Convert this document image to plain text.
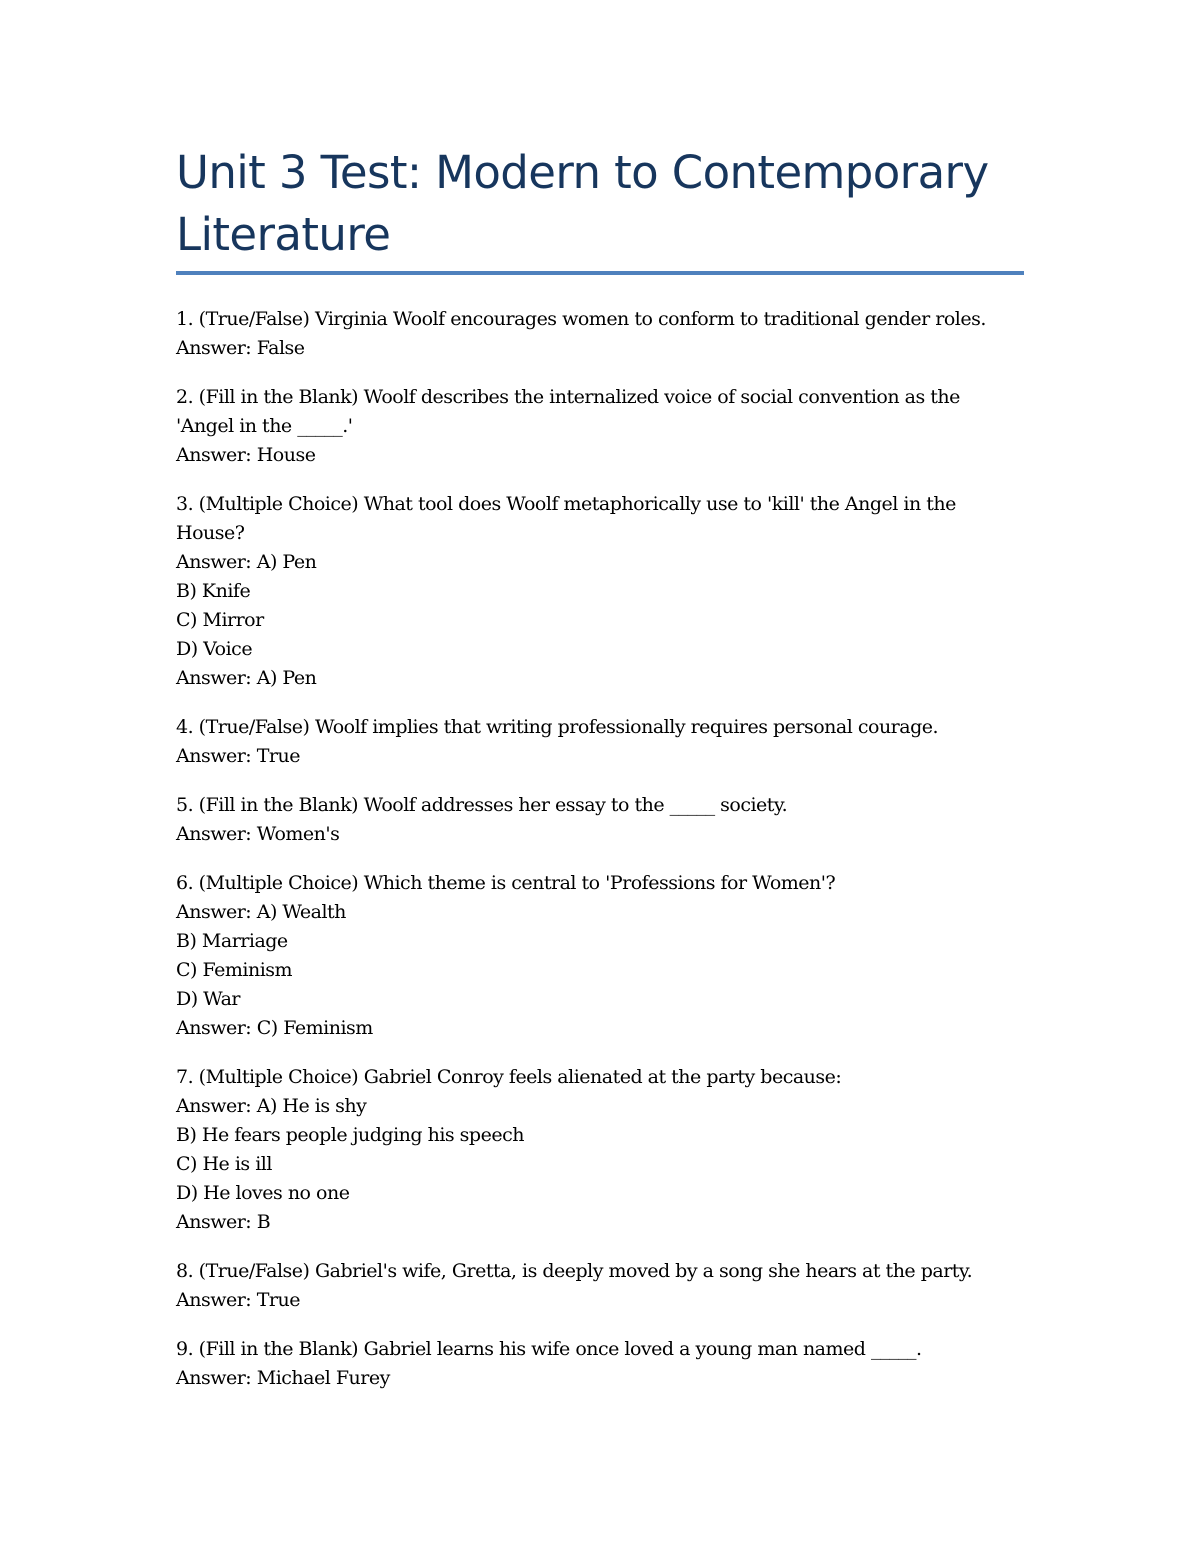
Unit 3 Test: Modern to Contemporary
Literature
1. (True/False) Virginia Woolf encourages women to conform to traditional gender roles.
Answer: False
2. (Fill in the Blank) Woolf describes the internalized voice of social convention as the
'Angel in the _____.'
Answer: House
3. (Multiple Choice) What tool does Woolf metaphorically use to 'kill' the Angel in the
House?
Answer: A) Pen
B) Knife
C) Mirror
D) Voice
Answer: A) Pen
4. (True/False) Woolf implies that writing professionally requires personal courage.
Answer: True
5. (Fill in the Blank) Woolf addresses her essay to the _____ society.
Answer: Women's
6. (Multiple Choice) Which theme is central to 'Professions for Women'?
Answer: A) Wealth
B) Marriage
C) Feminism
D) War
Answer: C) Feminism
7. (Multiple Choice) Gabriel Conroy feels alienated at the party because:
Answer: A) He is shy
B) He fears people judging his speech
C) He is ill
D) He loves no one
Answer: B
8. (True/False) Gabriel's wife, Gretta, is deeply moved by a song she hears at the party.
Answer: True
9. (Fill in the Blank) Gabriel learns his wife once loved a young man named _____.
Answer: Michael Furey
